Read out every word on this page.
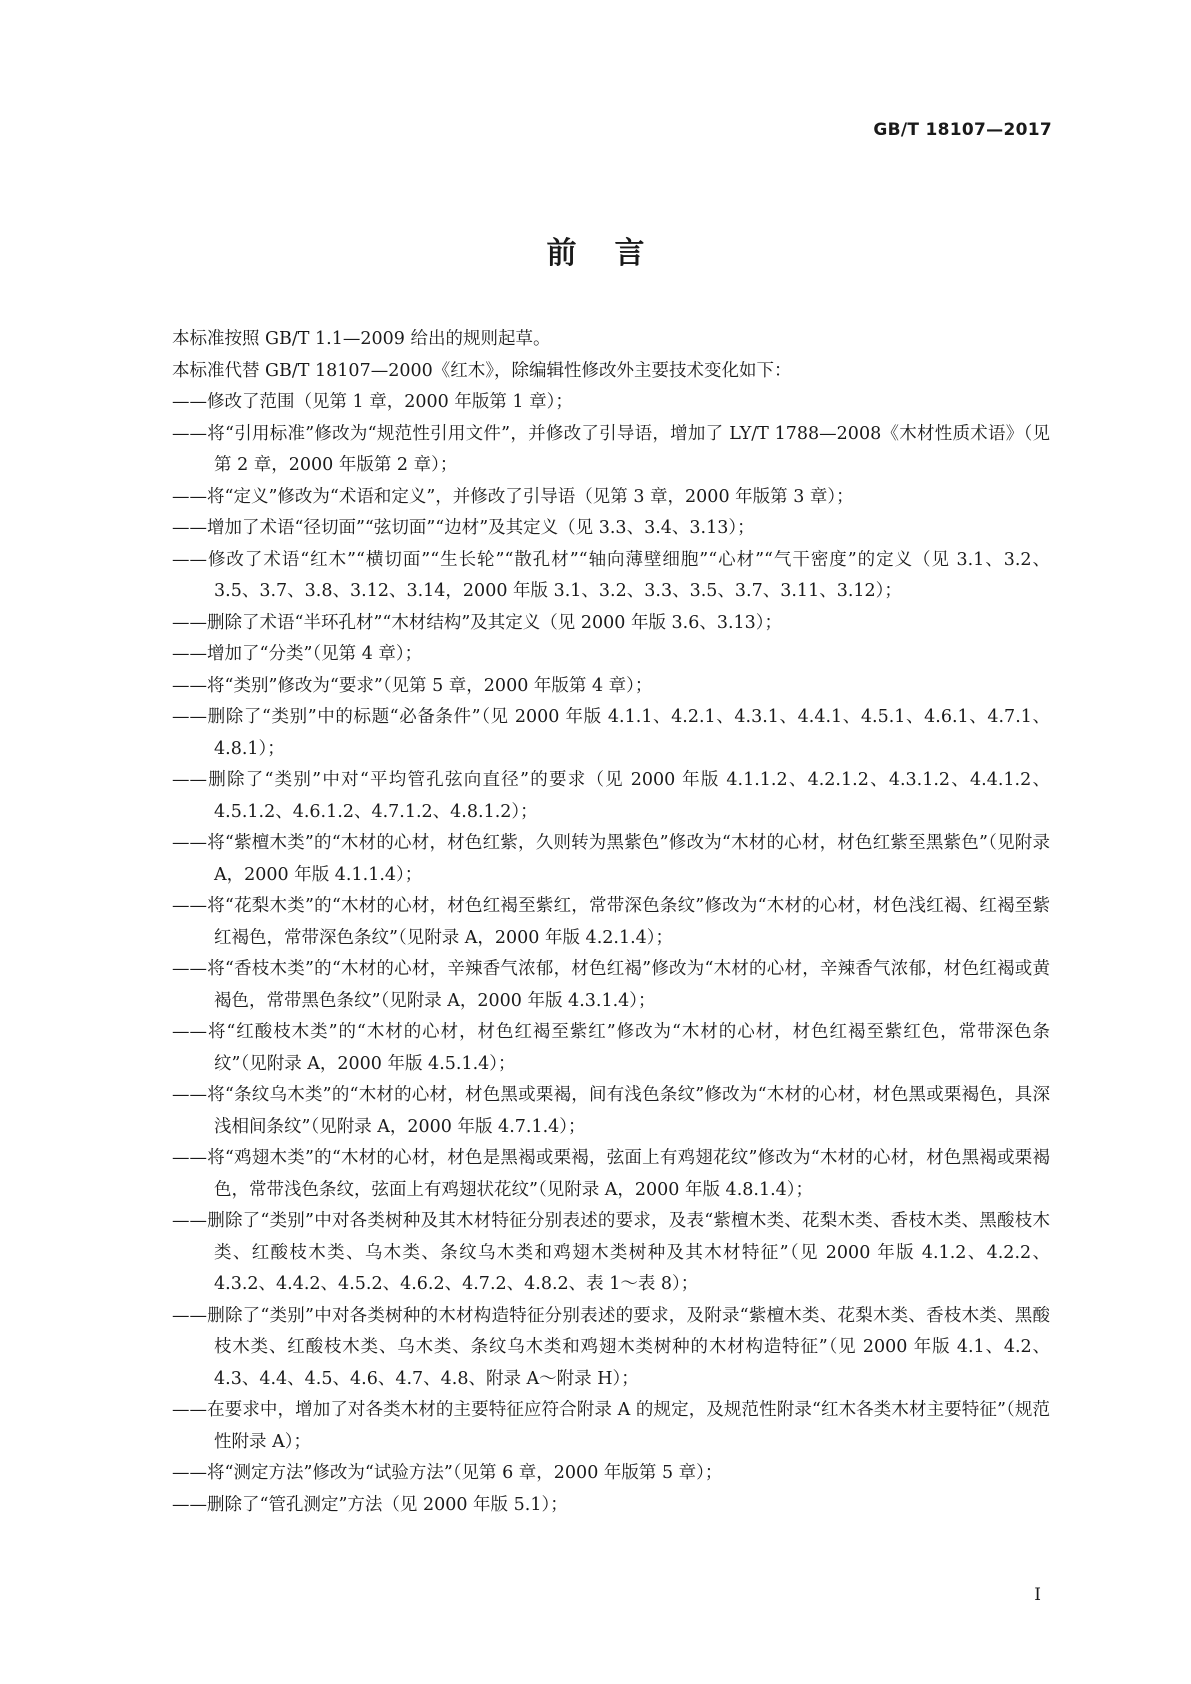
GB/T 18107—2017
前言

本标准按照 GB/T 1.1—2009 给出的规则起草。

本标准代替 GB/T 18107—2000《红木》，除编辑性修改外主要技术变化如下：

——修改了范围（见第 1 章，2000 年版第 1 章）；

——将“引用标准”修改为“规范性引用文件”，并修改了引导语，增加了 LY/T 1788—2008《木材性质术语》（见第 2 章，2000 年版第 2 章）；

——将“定义”修改为“术语和定义”，并修改了引导语（见第 3 章，2000 年版第 3 章）；

——增加了术语“径切面”“弦切面”“边材”及其定义（见 3.3、3.4、3.13）；

——修改了术语“红木”“横切面”“生长轮”“散孔材”“轴向薄壁细胞”“心材”“气干密度”的定义（见 3.1、3.2、3.5、3.7、3.8、3.12、3.14，2000 年版 3.1、3.2、3.3、3.5、3.7、3.11、3.12）；

——删除了术语“半环孔材”“木材结构”及其定义（见 2000 年版 3.6、3.13）；

——增加了“分类”（见第 4 章）；

——将“类别”修改为“要求”（见第 5 章，2000 年版第 4 章）；

——删除了“类别”中的标题“必备条件”（见 2000 年版 4.1.1、4.2.1、4.3.1、4.4.1、4.5.1、4.6.1、4.7.1、4.8.1）；

——删除了“类别”中对“平均管孔弦向直径”的要求（见 2000 年版 4.1.1.2、4.2.1.2、4.3.1.2、4.4.1.2、4.5.1.2、4.6.1.2、4.7.1.2、4.8.1.2）；

——将“紫檀木类”的“木材的心材，材色红紫，久则转为黑紫色”修改为“木材的心材，材色红紫至黑紫色”（见附录 A，2000 年版 4.1.1.4）；

——将“花梨木类”的“木材的心材，材色红褐至紫红，常带深色条纹”修改为“木材的心材，材色浅红褐、红褐至紫红褐色，常带深色条纹”（见附录 A，2000 年版 4.2.1.4）；

——将“香枝木类”的“木材的心材，辛辣香气浓郁，材色红褐”修改为“木材的心材，辛辣香气浓郁，材色红褐或黄褐色，常带黑色条纹”（见附录 A，2000 年版 4.3.1.4）；

——将“红酸枝木类”的“木材的心材，材色红褐至紫红”修改为“木材的心材，材色红褐至紫红色，常带深色条纹”（见附录 A，2000 年版 4.5.1.4）；

——将“条纹乌木类”的“木材的心材，材色黑或栗褐，间有浅色条纹”修改为“木材的心材，材色黑或栗褐色，具深浅相间条纹”（见附录 A，2000 年版 4.7.1.4）；

——将“鸡翅木类”的“木材的心材，材色是黑褐或栗褐，弦面上有鸡翅花纹”修改为“木材的心材，材色黑褐或栗褐色，常带浅色条纹，弦面上有鸡翅状花纹”（见附录 A，2000 年版 4.8.1.4）；

——删除了“类别”中对各类树种及其木材特征分别表述的要求，及表“紫檀木类、花梨木类、香枝木类、黑酸枝木类、红酸枝木类、乌木类、条纹乌木类和鸡翅木类树种及其木材特征”（见 2000 年版 4.1.2、4.2.2、4.3.2、4.4.2、4.5.2、4.6.2、4.7.2、4.8.2、表 1～表 8）；

——删除了“类别”中对各类树种的木材构造特征分别表述的要求，及附录“紫檀木类、花梨木类、香枝木类、黑酸枝木类、红酸枝木类、乌木类、条纹乌木类和鸡翅木类树种的木材构造特征”（见 2000 年版 4.1、4.2、4.3、4.4、4.5、4.6、4.7、4.8、附录 A～附录 H）；

——在要求中，增加了对各类木材的主要特征应符合附录 A 的规定，及规范性附录“红木各类木材主要特征”（规范性附录 A）；

——将“测定方法”修改为“试验方法”（见第 6 章，2000 年版第 5 章）；

——删除了“管孔测定”方法（见 2000 年版 5.1）；

I
